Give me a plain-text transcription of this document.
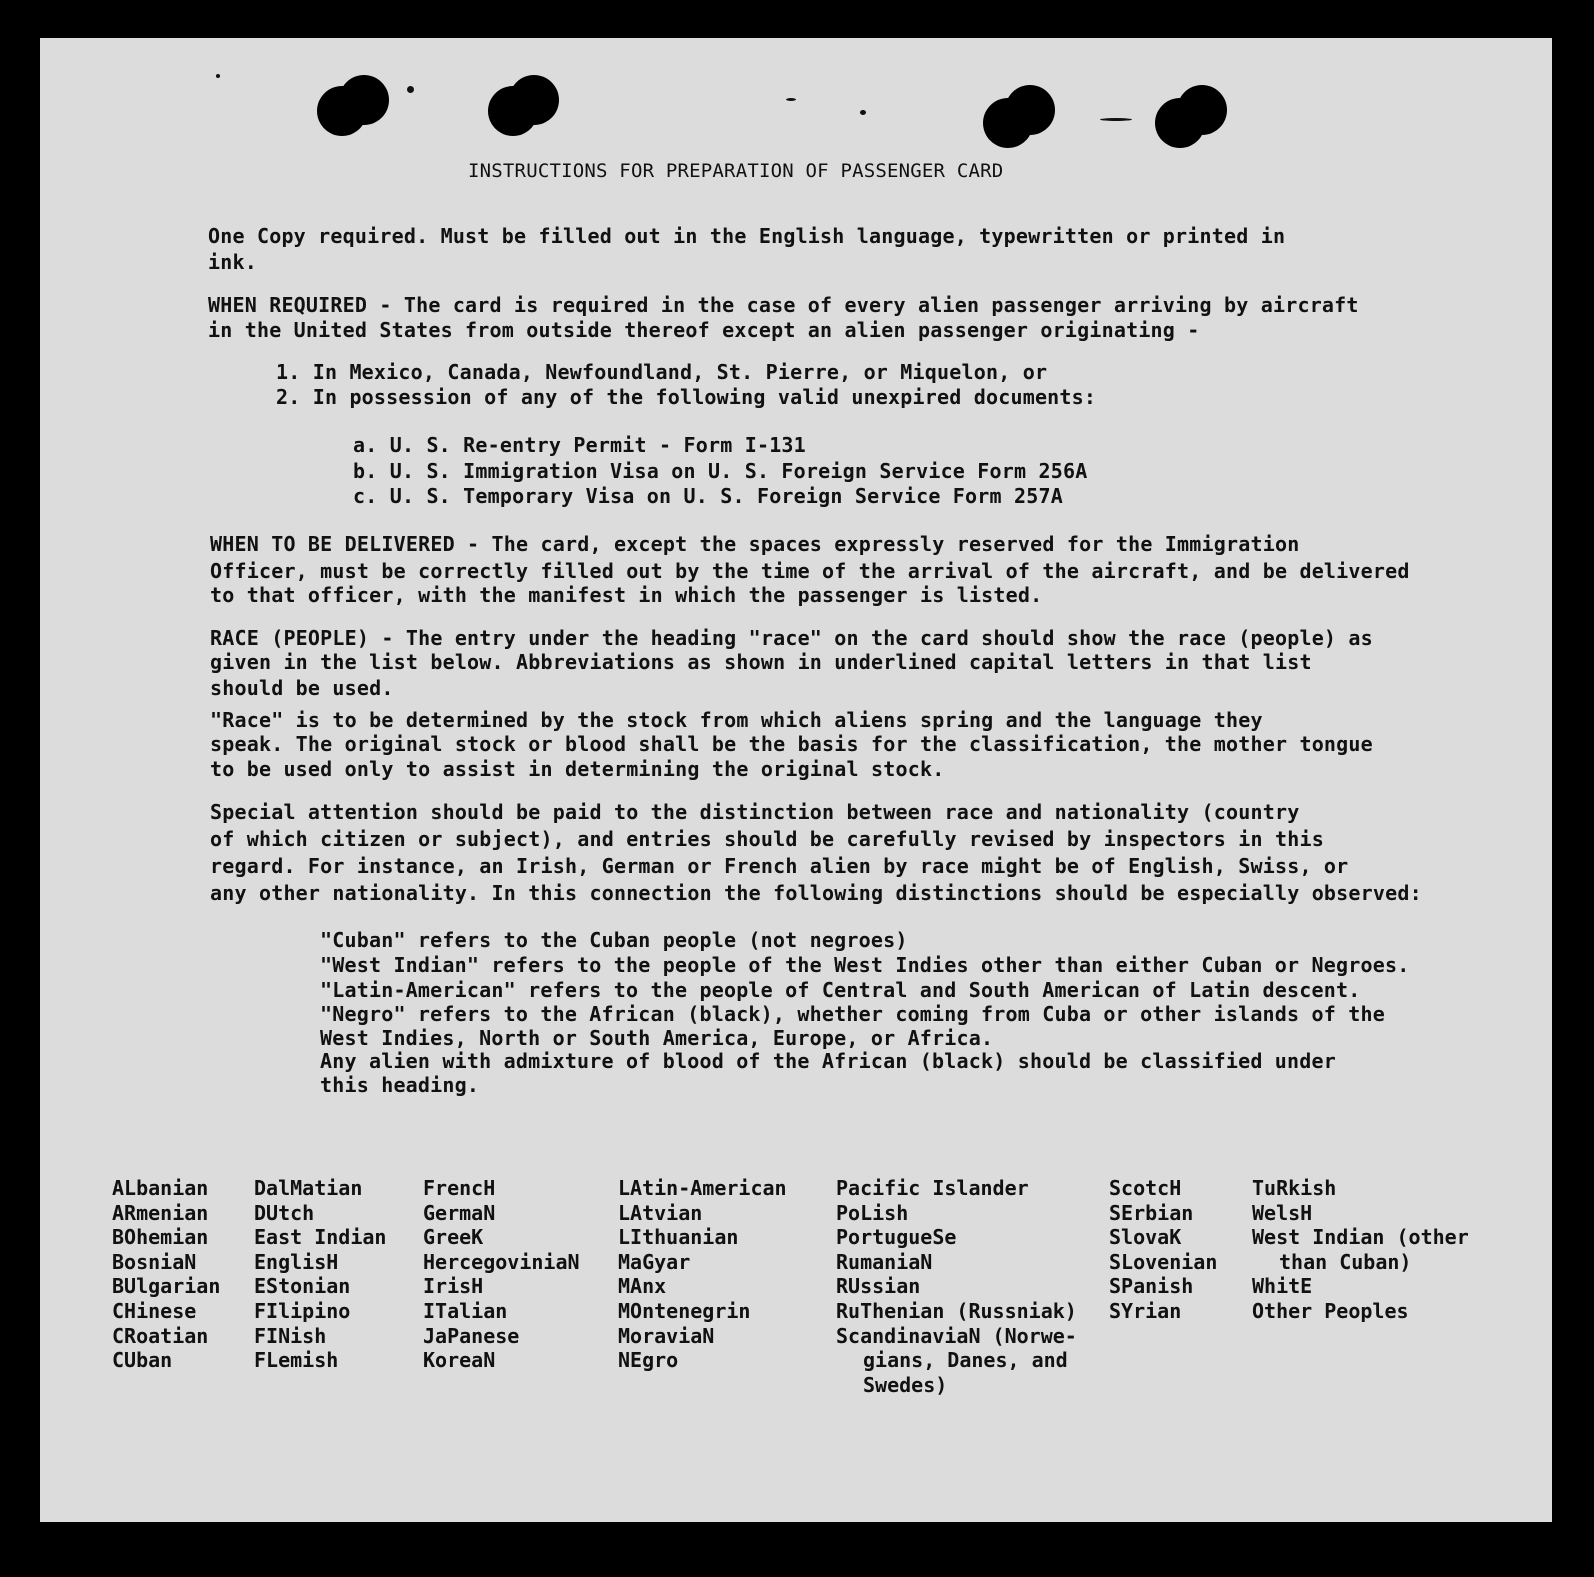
INSTRUCTIONS FOR PREPARATION OF PASSENGER CARD
One Copy required. Must be filled out in the English language, typewritten or printed in
ink.
WHEN REQUIRED - The card is required in the case of every alien passenger arriving by aircraft
in the United States from outside thereof except an alien passenger originating -
1. In Mexico, Canada, Newfoundland, St. Pierre, or Miquelon, or
2. In possession of any of the following valid unexpired documents:
a. U. S. Re-entry Permit - Form I-131
b. U. S. Immigration Visa on U. S. Foreign Service Form 256A
c. U. S. Temporary Visa on U. S. Foreign Service Form 257A
WHEN TO BE DELIVERED - The card, except the spaces expressly reserved for the Immigration
Officer, must be correctly filled out by the time of the arrival of the aircraft, and be delivered
to that officer, with the manifest in which the passenger is listed.
RACE (PEOPLE) - The entry under the heading "race" on the card should show the race (people) as
given in the list below. Abbreviations as shown in underlined capital letters in that list
should be used.
"Race" is to be determined by the stock from which aliens spring and the language they
speak. The original stock or blood shall be the basis for the classification, the mother tongue
to be used only to assist in determining the original stock.
Special attention should be paid to the distinction between race and nationality (country
of which citizen or subject), and entries should be carefully revised by inspectors in this
regard. For instance, an Irish, German or French alien by race might be of English, Swiss, or
any other nationality. In this connection the following distinctions should be especially observed:
"Cuban" refers to the Cuban people (not negroes)
"West Indian" refers to the people of the West Indies other than either Cuban or Negroes.
"Latin-American" refers to the people of Central and South American of Latin descent.
"Negro" refers to the African (black), whether coming from Cuba or other islands of the
West Indies, North or South America, Europe, or Africa.
Any alien with admixture of blood of the African (black) should be classified under
this heading.
ALbanian
ARmenian
BOhemian
BosniaN
BUlgarian
CHinese
CRoatian
CUban
DalMatian
DUtch
East Indian
EnglisH
EStonian
FIlipino
FINish
FLemish
FrencH
GermaN
GreeK
HercegoviniaN
IrisH
ITalian
JaPanese
KoreaN
LAtin-American
LAtvian
LIthuanian
MaGyar
MAnx
MOntenegrin
MoraviaN
NEgro
Pacific Islander
PoLish
PortugueSe
RumaniaN
RUssian
RuThenian (Russniak)
ScandinaviaN (Norwe-
gians, Danes, and
Swedes)
ScotcH
SErbian
SlovaK
SLovenian
SPanish
SYrian
TuRkish
WelsH
West Indian (other
than Cuban)
WhitE
Other Peoples
